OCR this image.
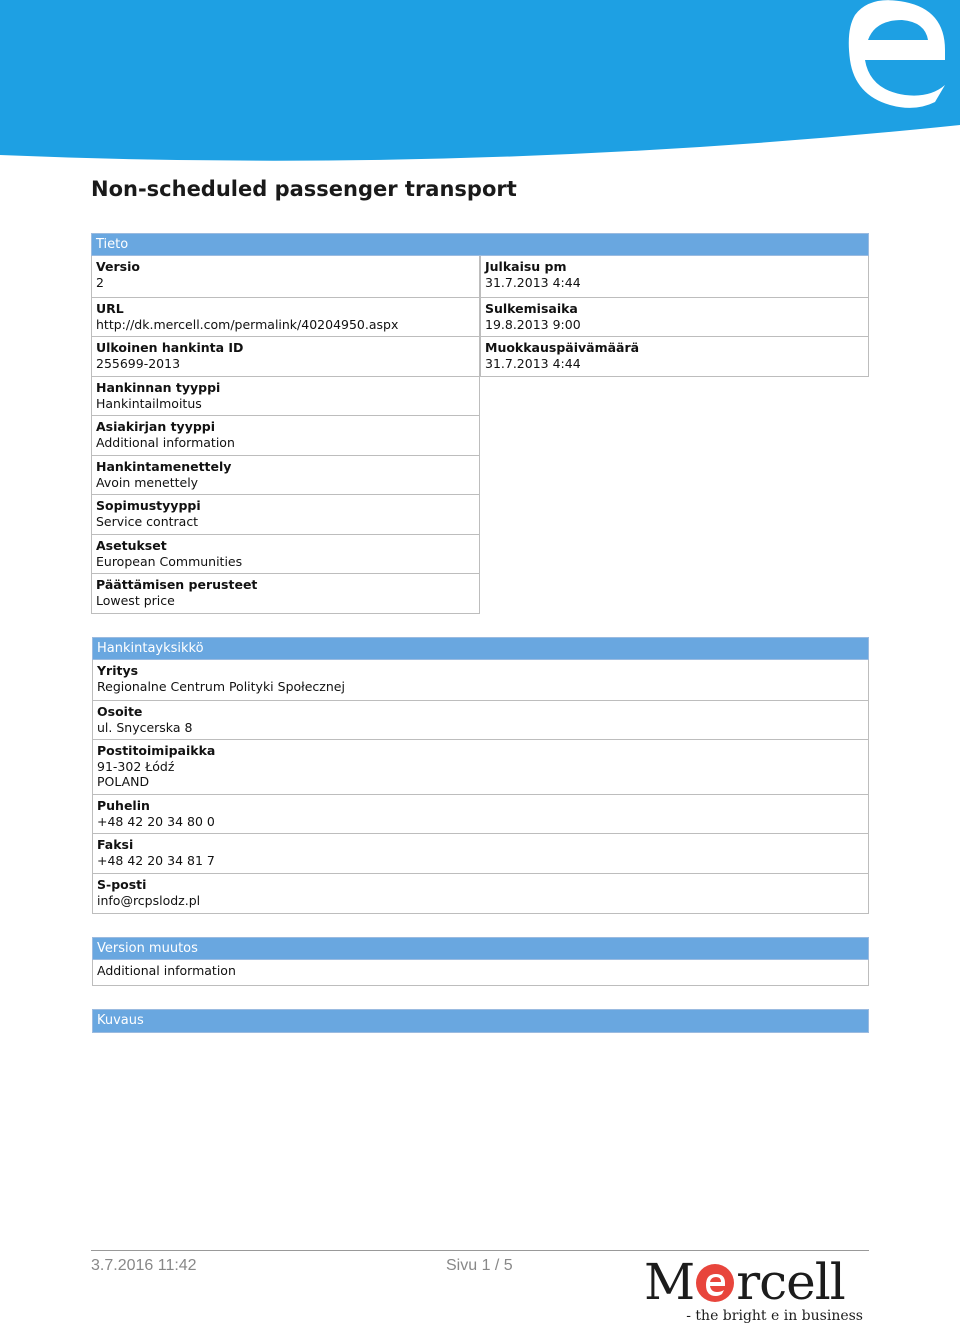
Non-scheduled passenger transport
Tieto
Versio
2
URL
http://dk.mercell.com/permalink/40204950.aspx
Ulkoinen hankinta ID
255699-2013
Hankinnan tyyppi
Hankintailmoitus
Asiakirjan tyyppi
Additional information
Hankintamenettely
Avoin menettely
Sopimustyyppi
Service contract
Asetukset
European Communities
Päättämisen perusteet
Lowest price
Julkaisu pm
31.7.2013 4:44
Sulkemisaika
19.8.2013 9:00
Muokkauspäivämäärä
31.7.2013 4:44
Hankintayksikkö
Yritys
Regionalne Centrum Polityki Społecznej
Osoite
ul. Snycerska 8
Postitoimipaikka
91-302 Łódź
POLAND
Puhelin
+48 42 20 34 80 0
Faksi
+48 42 20 34 81 7
S-posti
info@rcpslodz.pl
Version muutos
Additional information
Kuvaus
3.7.2016 11:42	Sivu 1 / 5	M rcell
- the bright e in business
